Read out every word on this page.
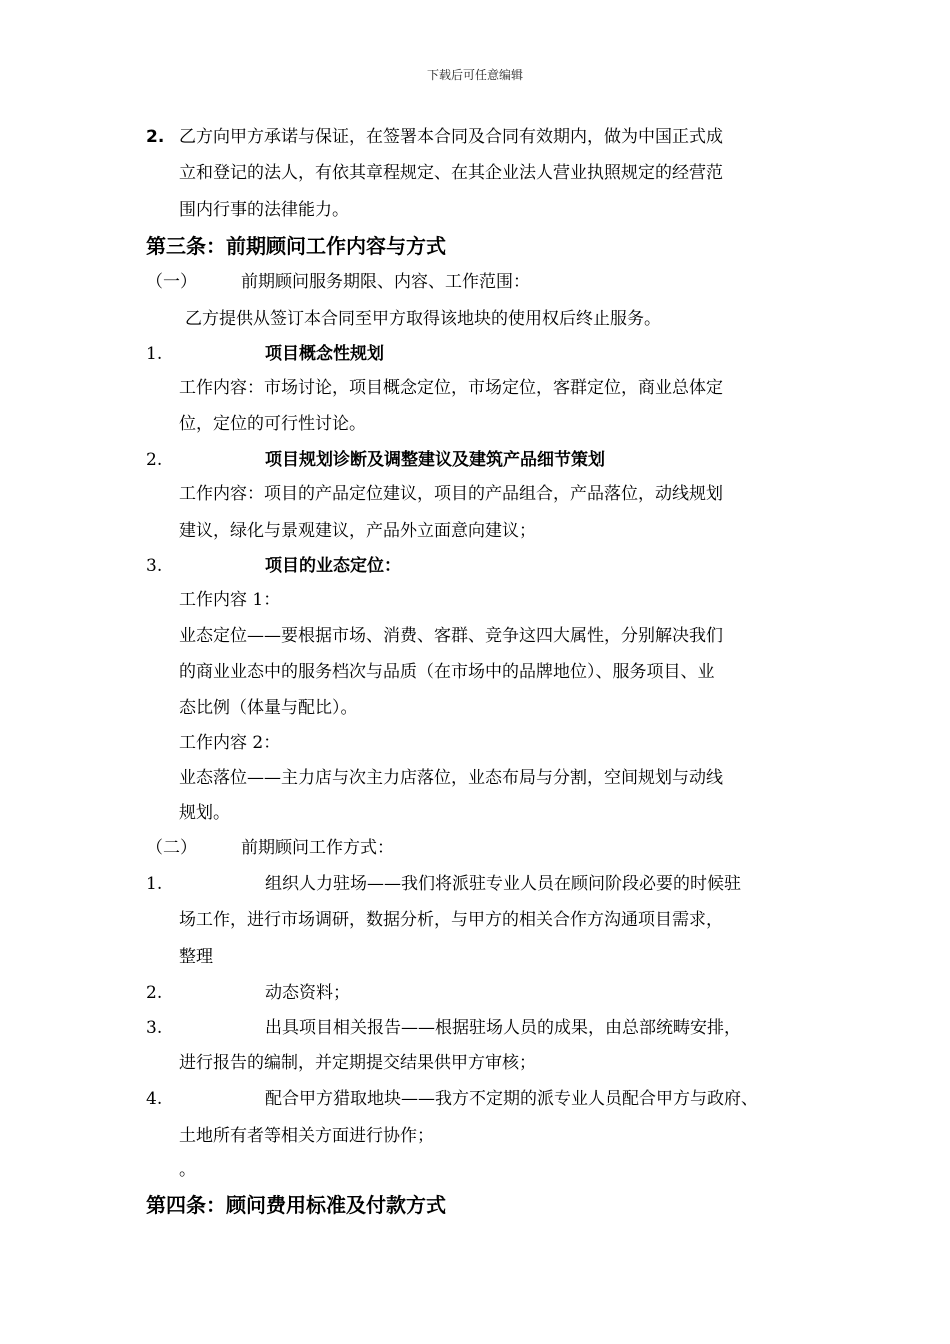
下载后可任意编辑
2. 乙方向甲方承诺与保证，在签署本合同及合同有效期内，做为中国正式成
立和登记的法人，有依其章程规定、在其企业法人营业执照规定的经营范
围内行事的法律能力。
第三条：前期顾问工作内容与方式
（一）	前期顾问服务期限、内容、工作范围：
乙方提供从签订本合同至甲方取得该地块的使用权后终止服务。
1.	项目概念性规划
工作内容：市场讨论，项目概念定位，市场定位，客群定位，商业总体定
位，定位的可行性讨论。
2.	项目规划诊断及调整建议及建筑产品细节策划
工作内容：项目的产品定位建议，项目的产品组合，产品落位，动线规划
建议，绿化与景观建议，产品外立面意向建议；
3.	项目的业态定位：
工作内容 1：
业态定位——要根据市场、消费、客群、竞争这四大属性，分别解决我们
的商业业态中的服务档次与品质（在市场中的品牌地位）、服务项目、业
态比例（体量与配比）。
工作内容 2：
业态落位——主力店与次主力店落位，业态布局与分割，空间规划与动线
规划。
（二）	前期顾问工作方式：
1.	组织人力驻场——我们将派驻专业人员在顾问阶段必要的时候驻
场工作，进行市场调研，数据分析，与甲方的相关合作方沟通项目需求，
整理
2.	动态资料；
3.	出具项目相关报告——根据驻场人员的成果，由总部统畴安排，
进行报告的编制，并定期提交结果供甲方审核；
4.	配合甲方猎取地块——我方不定期的派专业人员配合甲方与政府、
土地所有者等相关方面进行协作；
。
第四条：顾问费用标准及付款方式
